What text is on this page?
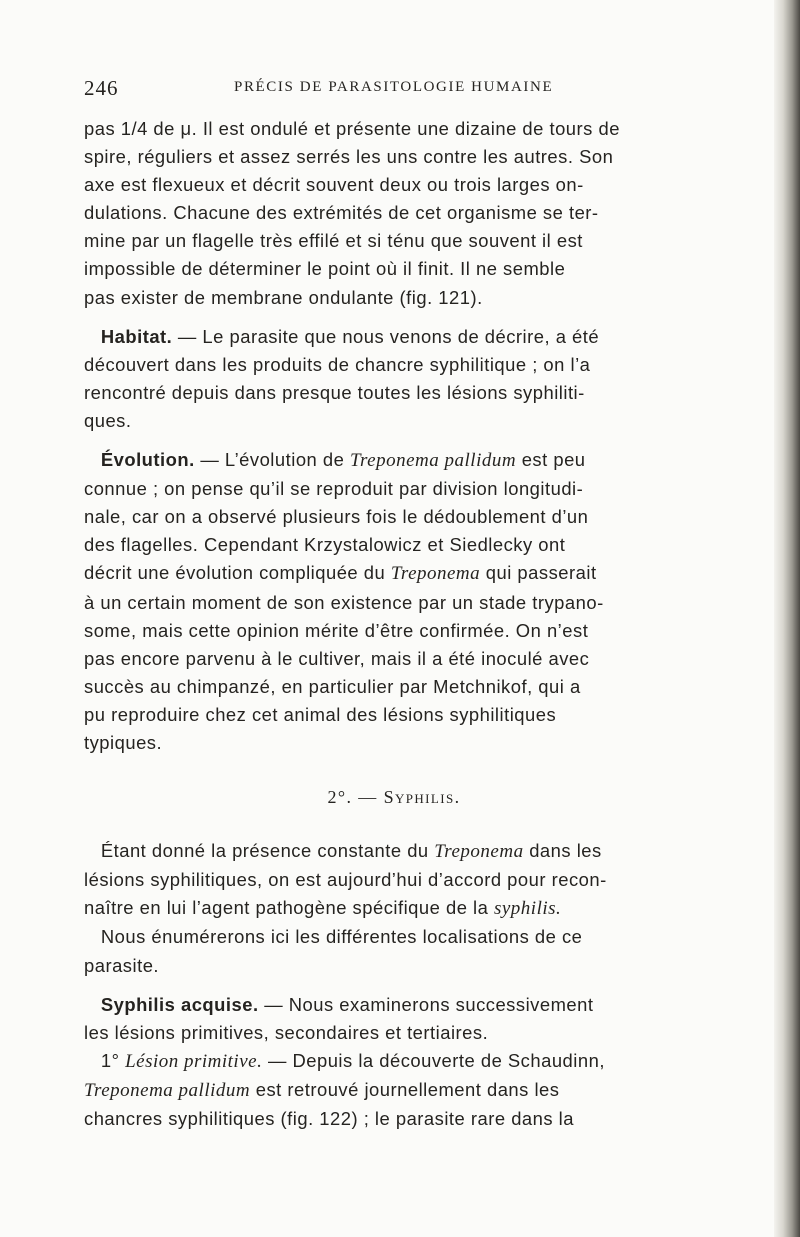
246	PRÉCIS DE PARASITOLOGIE HUMAINE

pas 1/4 de μ. Il est ondulé et présente une dizaine de tours de
spire, réguliers et assez serrés les uns contre les autres. Son
axe est flexueux et décrit souvent deux ou trois larges on-
dulations. Chacune des extrémités de cet organisme se ter-
mine par un flagelle très effilé et si ténu que souvent il est
impossible de déterminer le point où il finit. Il ne semble
pas exister de membrane ondulante (fig. 121).

Habitat. — Le parasite que nous venons de décrire, a été
découvert dans les produits de chancre syphilitique ; on l’a
rencontré depuis dans presque toutes les lésions syphiliti-
ques.

Évolution. — L’évolution de Treponema pallidum est peu
connue ; on pense qu’il se reproduit par division longitudi-
nale, car on a observé plusieurs fois le dédoublement d’un
des flagelles. Cependant Krzystalowicz et Siedlecky ont
décrit une évolution compliquée du Treponema qui passerait
à un certain moment de son existence par un stade trypano-
some, mais cette opinion mérite d’être confirmée. On n’est
pas encore parvenu à le cultiver, mais il a été inoculé avec
succès au chimpanzé, en particulier par Metchnikof, qui a
pu reproduire chez cet animal des lésions syphilitiques
typiques.

2°. — Syphilis.

Étant donné la présence constante du Treponema dans les
lésions syphilitiques, on est aujourd’hui d’accord pour recon-
naître en lui l’agent pathogène spécifique de la syphilis.
Nous énumérerons ici les différentes localisations de ce
parasite.

Syphilis acquise. — Nous examinerons successivement
les lésions primitives, secondaires et tertiaires.
1° Lésion primitive. — Depuis la découverte de Schaudinn,
Treponema pallidum est retrouvé journellement dans les
chancres syphilitiques (fig. 122) ; le parasite rare dans la
